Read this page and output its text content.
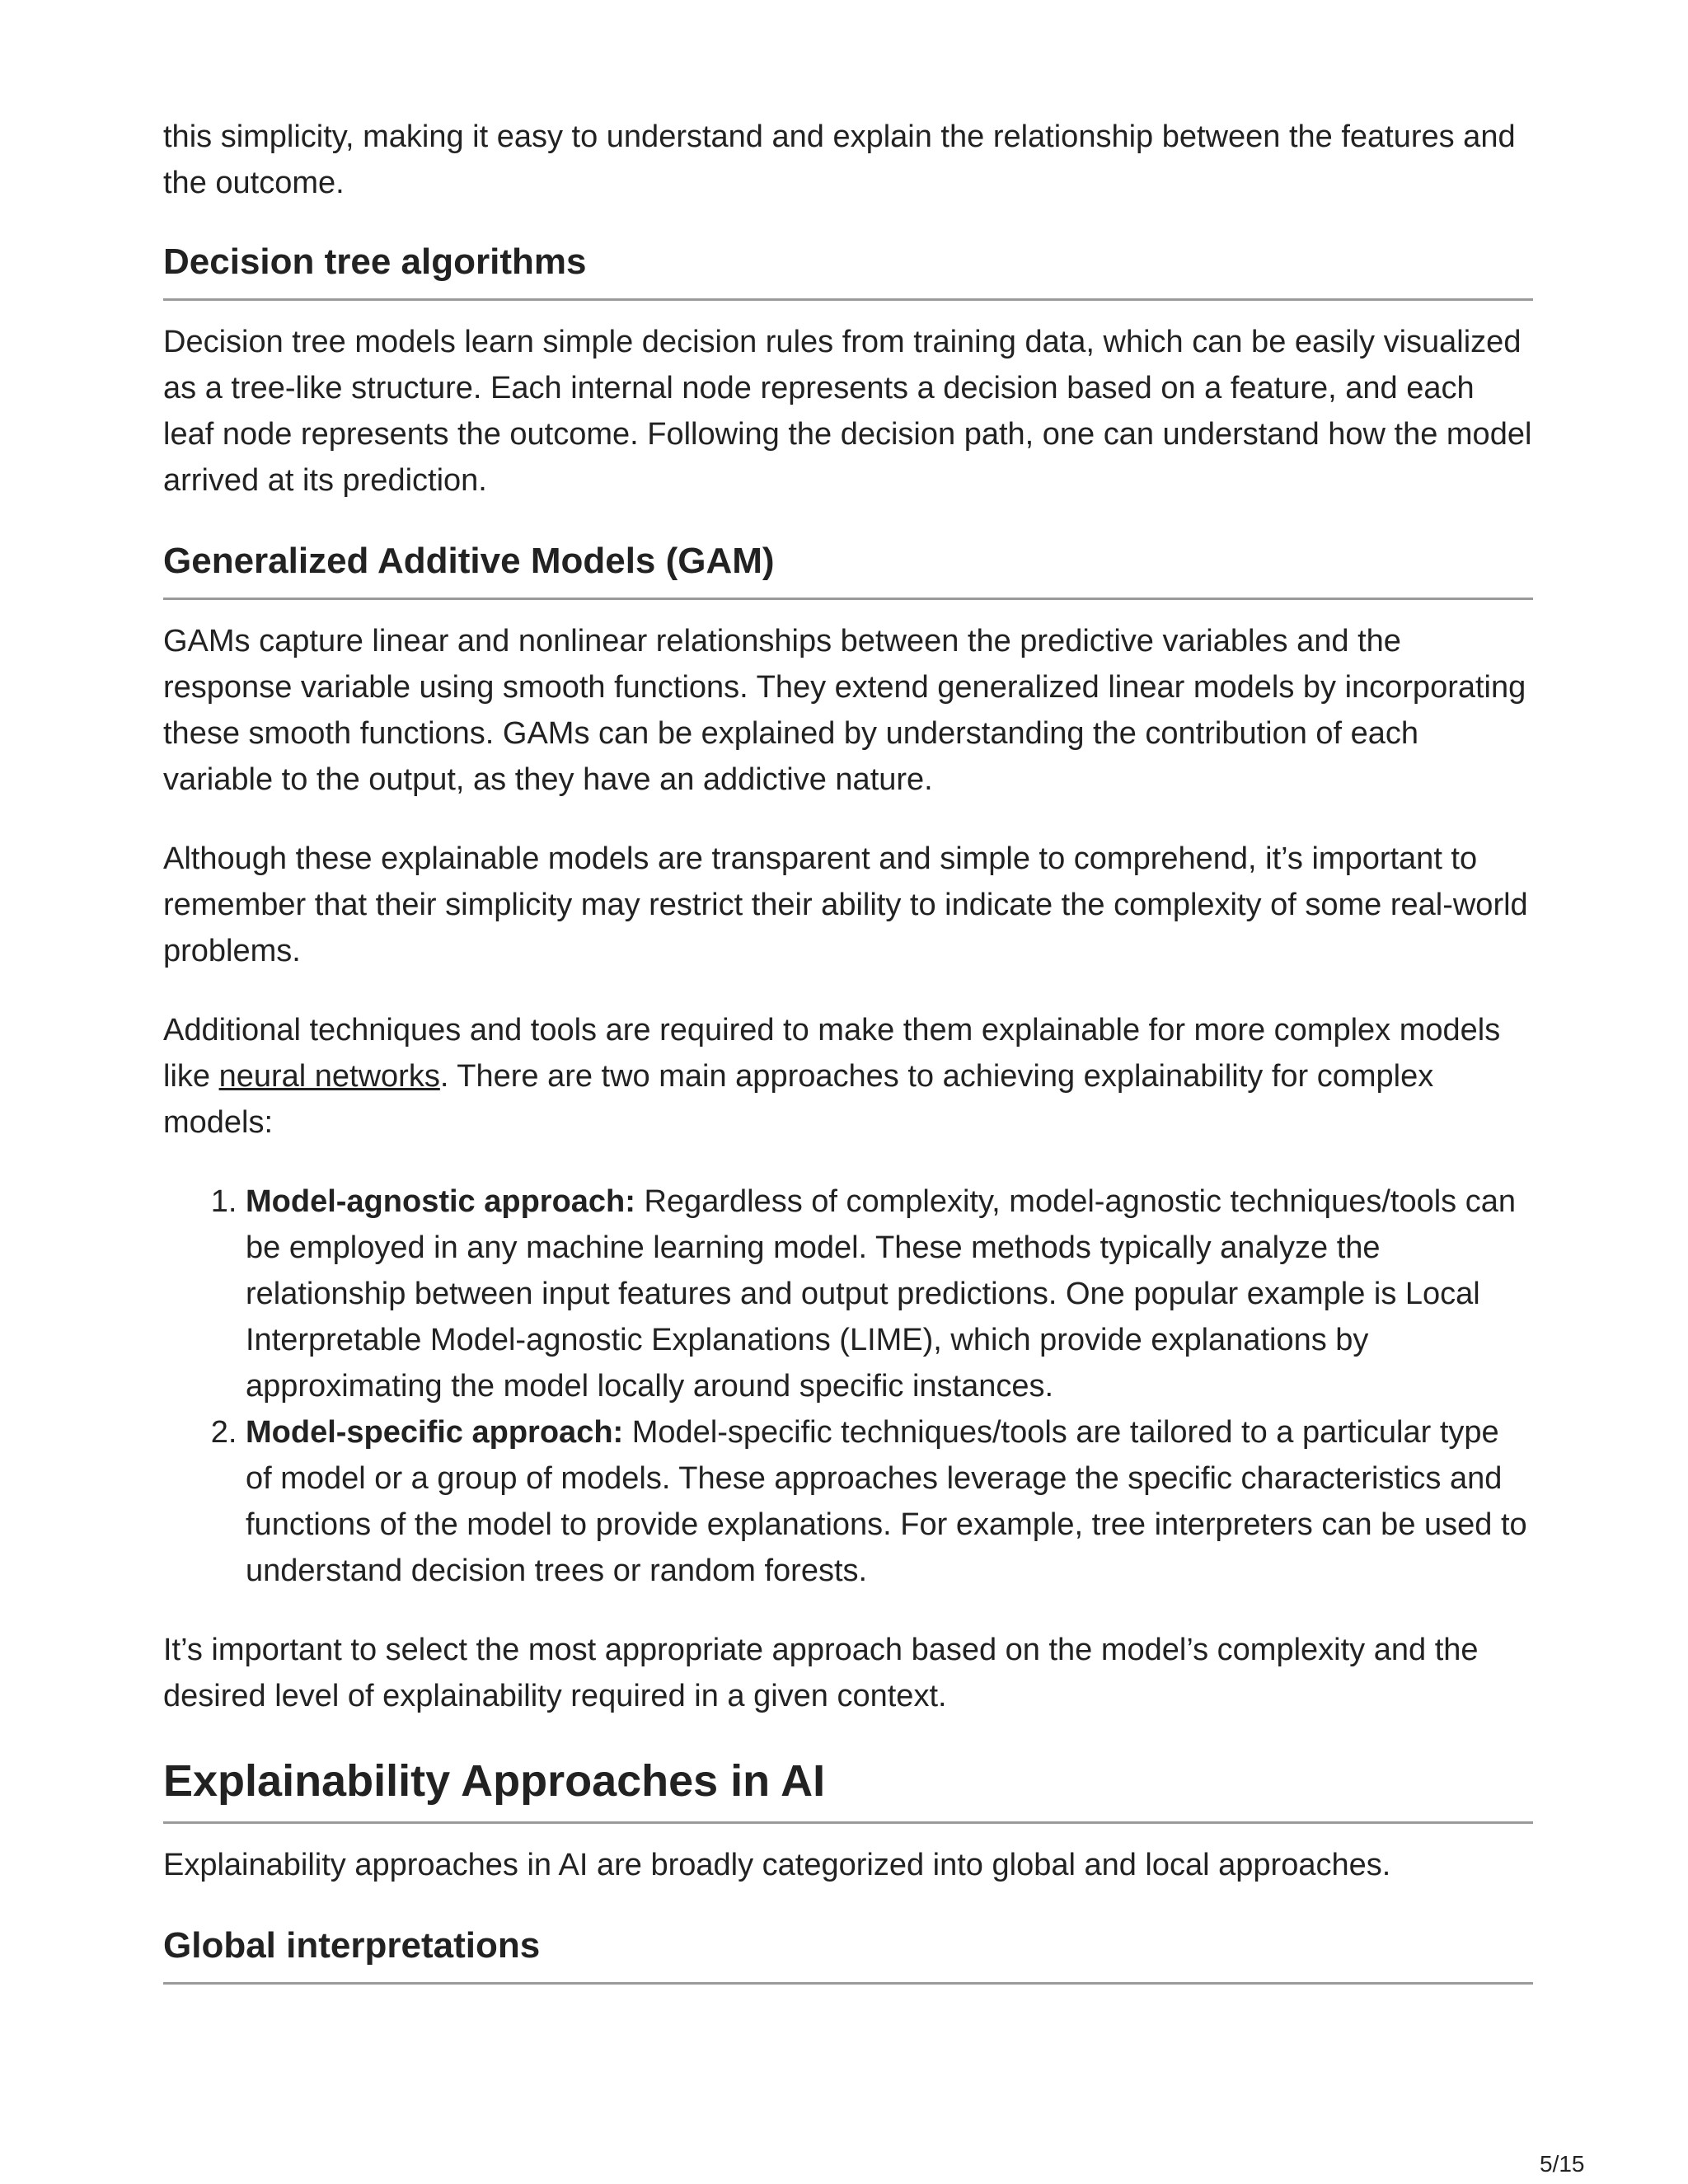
this simplicity, making it easy to understand and explain the relationship between the features and the outcome.

Decision tree algorithms

Decision tree models learn simple decision rules from training data, which can be easily visualized as a tree-like structure. Each internal node represents a decision based on a feature, and each leaf node represents the outcome. Following the decision path, one can understand how the model arrived at its prediction.

Generalized Additive Models (GAM)

GAMs capture linear and nonlinear relationships between the predictive variables and the response variable using smooth functions. They extend generalized linear models by incorporating these smooth functions. GAMs can be explained by understanding the contribution of each variable to the output, as they have an addictive nature.

Although these explainable models are transparent and simple to comprehend, it’s important to remember that their simplicity may restrict their ability to indicate the complexity of some real-world problems.

Additional techniques and tools are required to make them explainable for more complex models like neural networks. There are two main approaches to achieving explainability for complex models:

1. Model-agnostic approach: Regardless of complexity, model-agnostic techniques/tools can be employed in any machine learning model. These methods typically analyze the relationship between input features and output predictions. One popular example is Local Interpretable Model-agnostic Explanations (LIME), which provide explanations by approximating the model locally around specific instances.
2. Model-specific approach: Model-specific techniques/tools are tailored to a particular type of model or a group of models. These approaches leverage the specific characteristics and functions of the model to provide explanations. For example, tree interpreters can be used to understand decision trees or random forests.

It’s important to select the most appropriate approach based on the model’s complexity and the desired level of explainability required in a given context.

Explainability Approaches in AI

Explainability approaches in AI are broadly categorized into global and local approaches.

Global interpretations
5/15
